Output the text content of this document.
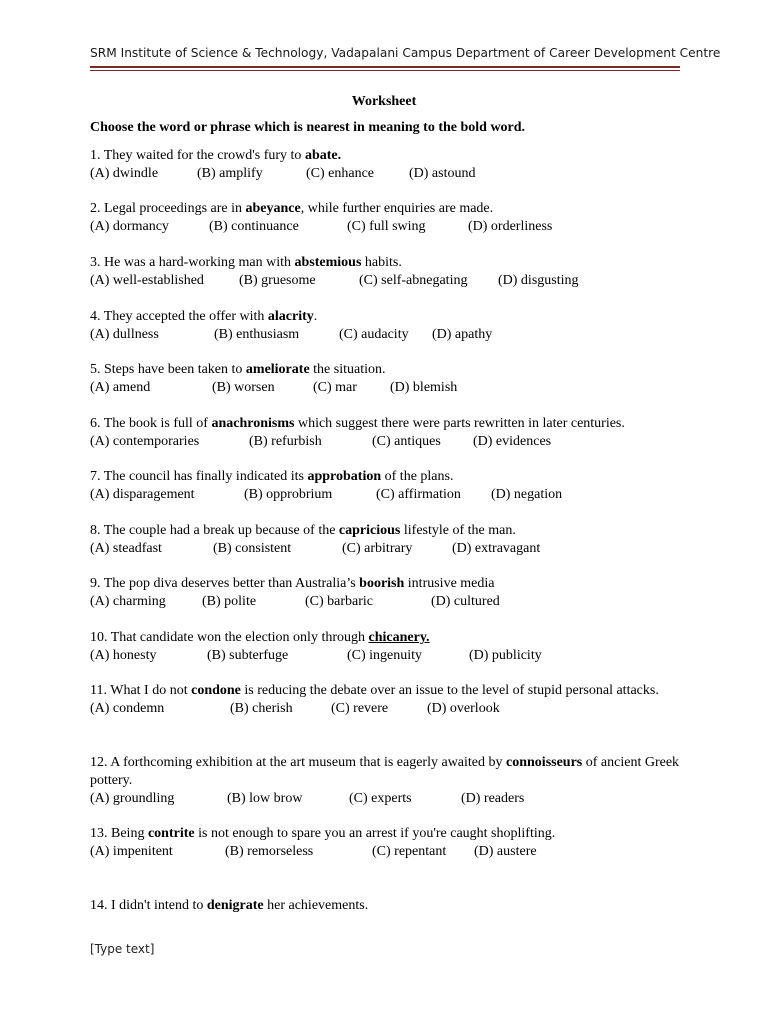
SRM Institute of Science & Technology, Vadapalani Campus Department of Career Development Centre
Worksheet
Choose the word or phrase which is nearest in meaning to the bold word.
1. They waited for the crowd's fury to abate.
(A) dwindle	(B) amplify	(C) enhance (D) astound
2. Legal proceedings are in abeyance, while further enquiries are made.
(A) dormancy	(B) continuance	(C) full swing	(D) orderliness
3. He was a hard-working man with abstemious habits.
(A) well-established	(B) gruesome	(C) self-abnegating (D) disgusting
4. They accepted the offer with alacrity.
(A) dullness	(B) enthusiasm	(C) audacity (D) apathy
5. Steps have been taken to ameliorate the situation.
(A) amend	(B) worsen	(C) mar (D) blemish
6. The book is full of anachronisms which suggest there were parts rewritten in later centuries.
(A) contemporaries	(B) refurbish	(C) antiques (D) evidences
7. The council has finally indicated its approbation of the plans.
(A) disparagement	(B) opprobrium	(C) affirmation (D) negation
8. The couple had a break up because of the capricious lifestyle of the man.
(A) steadfast	(B) consistent	(C) arbitrary	(D) extravagant
9. The pop diva deserves better than Australia’s boorish intrusive media
(A) charming	(B) polite	(C) barbaric	(D) cultured
10. That candidate won the election only through chicanery.
(A) honesty	(B) subterfuge	(C) ingenuity	(D) publicity
11. What I do not condone is reducing the debate over an issue to the level of stupid personal attacks.
(A) condemn	(B) cherish	(C) revere	(D) overlook
12. A forthcoming exhibition at the art museum that is eagerly awaited by connoisseurs of ancient Greek pottery.
(A) groundling	(B) low brow	(C) experts	(D) readers
13. Being contrite is not enough to spare you an arrest if you're caught shoplifting.
(A) impenitent	(B) remorseless	(C) repentant (D) austere
14. I didn't intend to denigrate her achievements.
[Type text]
